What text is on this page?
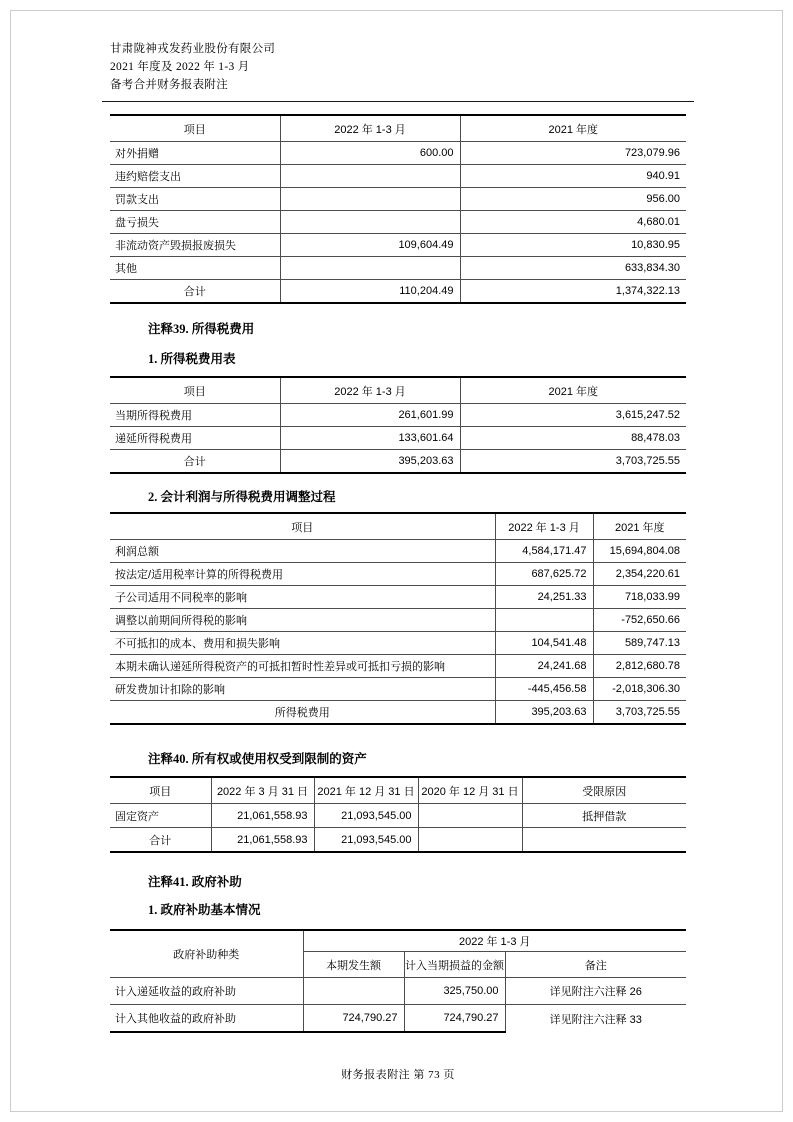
甘肃陇神戎发药业股份有限公司
2021 年度及 2022 年 1-3 月
备考合并财务报表附注
项目	2022 年 1-3 月	2021 年度
对外捐赠	600.00	723,079.96
违约赔偿支出		940.91
罚款支出		956.00
盘亏损失		4,680.01
非流动资产毁损报废损失	109,604.49	10,830.95
其他		633,834.30
合计	110,204.49	1,374,322.13
注释39. 所得税费用
1. 所得税费用表
项目	2022 年 1-3 月	2021 年度
当期所得税费用	261,601.99	3,615,247.52
递延所得税费用	133,601.64	88,478.03
合计	395,203.63	3,703,725.55
2. 会计利润与所得税费用调整过程
项目	2022 年 1-3 月	2021 年度
利润总额	4,584,171.47	15,694,804.08
按法定/适用税率计算的所得税费用	687,625.72	2,354,220.61
子公司适用不同税率的影响	24,251.33	718,033.99
调整以前期间所得税的影响		-752,650.66
不可抵扣的成本、费用和损失影响	104,541.48	589,747.13
本期未确认递延所得税资产的可抵扣暂时性差异或可抵扣亏损的影响	24,241.68	2,812,680.78
研发费加计扣除的影响	-445,456.58	-2,018,306.30
所得税费用	395,203.63	3,703,725.55
注释40. 所有权或使用权受到限制的资产
项目	2022 年 3 月 31 日	2021 年 12 月 31 日	2020 年 12 月 31 日	受限原因
固定资产	21,061,558.93	21,093,545.00		抵押借款
合计	21,061,558.93	21,093,545.00		
注释41. 政府补助
1. 政府补助基本情况
政府补助种类	2022 年 1-3 月		
	本期发生额	计入当期损益的金额	备注
计入递延收益的政府补助		325,750.00	详见附注六注释 26
计入其他收益的政府补助	724,790.27	724,790.27	详见附注六注释 33
财务报表附注 第 73 页
